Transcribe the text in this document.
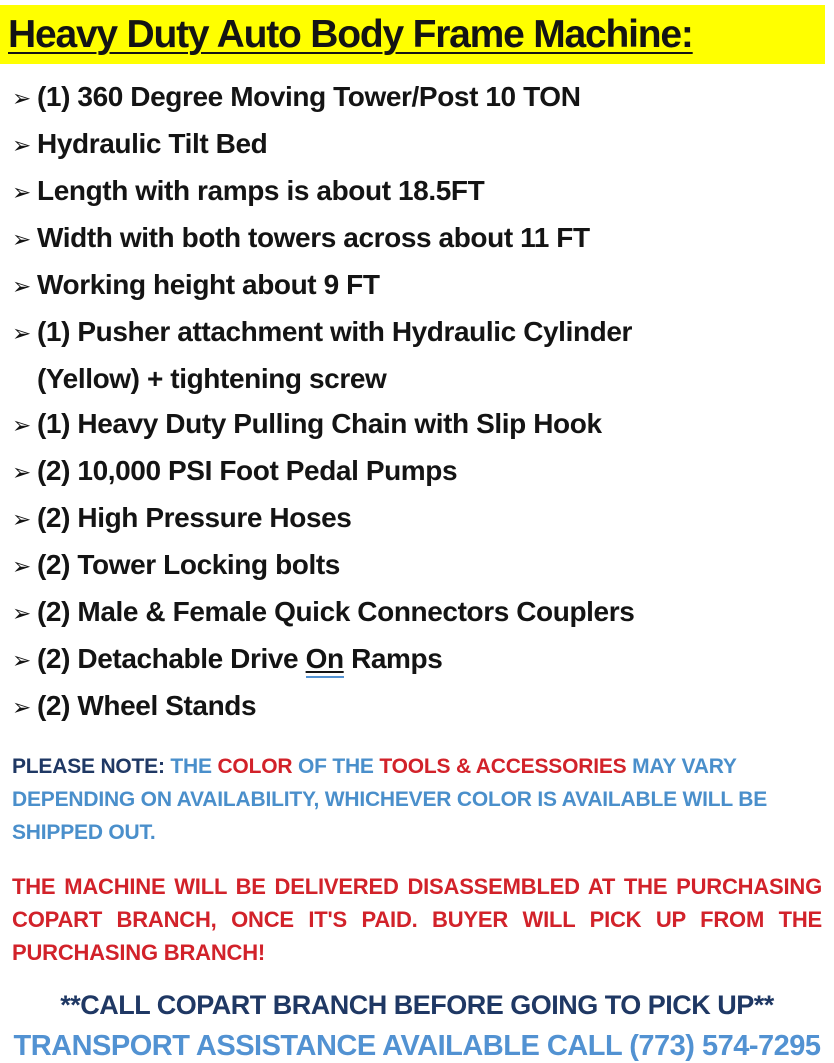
Heavy Duty Auto Body Frame Machine:
➢ (1) 360 Degree Moving Tower/Post 10 TON
➢ Hydraulic Tilt Bed
➢ Length with ramps is about 18.5FT
➢ Width with both towers across about 11 FT
➢ Working height about 9 FT
➢ (1) Pusher attachment with Hydraulic Cylinder
(Yellow) + tightening screw
➢ (1) Heavy Duty Pulling Chain with Slip Hook
➢ (2) 10,000 PSI Foot Pedal Pumps
➢ (2) High Pressure Hoses
➢ (2) Tower Locking bolts
➢ (2) Male & Female Quick Connectors Couplers
➢ (2) Detachable Drive On Ramps
➢ (2) Wheel Stands

PLEASE NOTE: THE COLOR OF THE TOOLS & ACCESSORIES MAY VARY DEPENDING ON AVAILABILITY, WHICHEVER COLOR IS AVAILABLE WILL BE SHIPPED OUT.

THE MACHINE WILL BE DELIVERED DISASSEMBLED AT THE PURCHASING COPART BRANCH, ONCE IT'S PAID. BUYER WILL PICK UP FROM THE PURCHASING BRANCH!

**CALL COPART BRANCH BEFORE GOING TO PICK UP**

TRANSPORT ASSISTANCE AVAILABLE CALL (773) 574-7295
